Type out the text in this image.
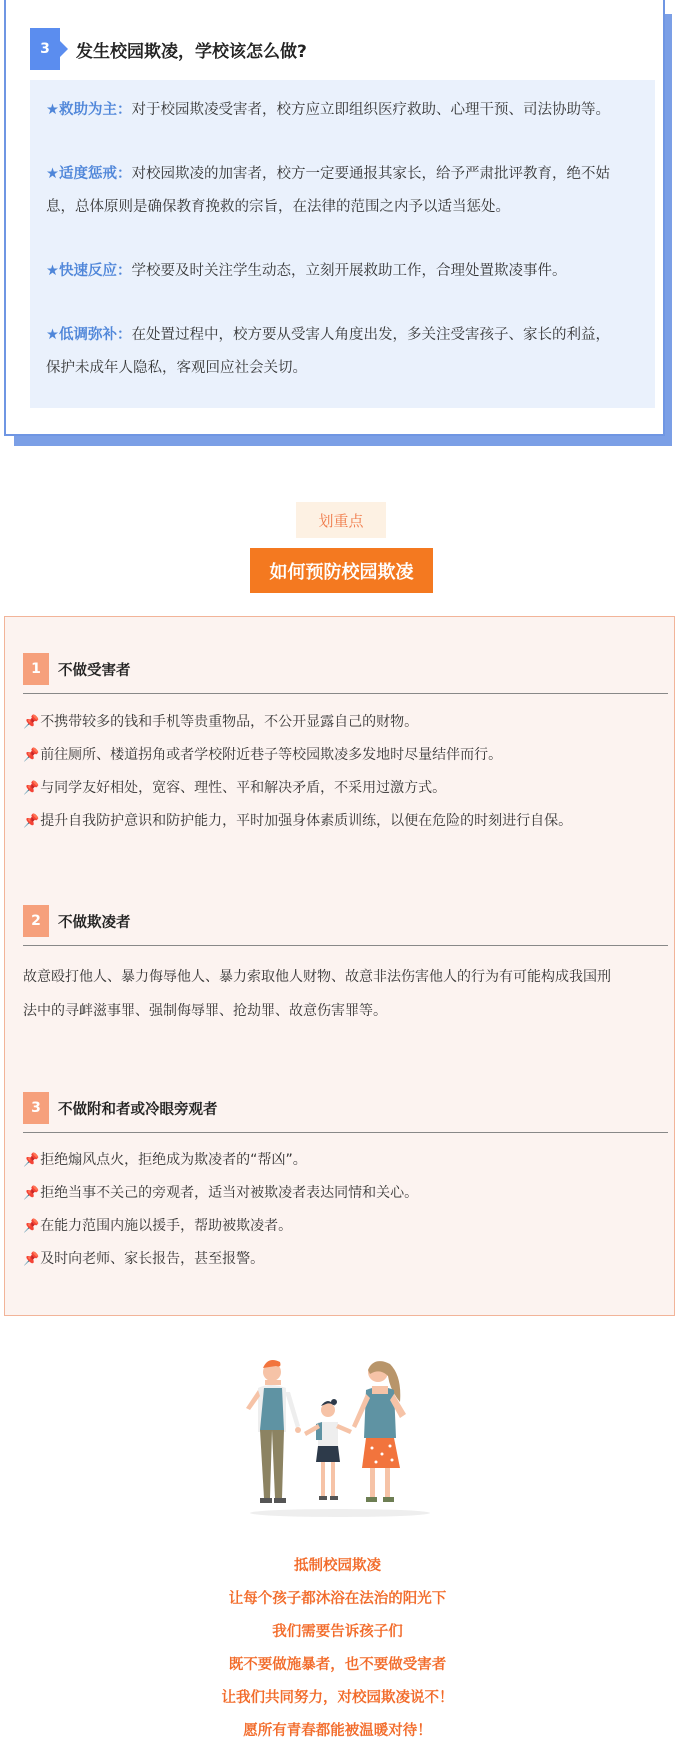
3	发生校园欺凌，学校该怎么做?
★救助为主：对于校园欺凌受害者，校方应立即组织医疗救助、心理干预、司法协助等。
★适度惩戒：对校园欺凌的加害者，校方一定要通报其家长，给予严肃批评教育，绝不姑
息，总体原则是确保教育挽救的宗旨，在法律的范围之内予以适当惩处。
★快速反应：学校要及时关注学生动态，立刻开展救助工作，合理处置欺凌事件。
★低调弥补：在处置过程中，校方要从受害人角度出发，多关注受害孩子、家长的利益，
保护未成年人隐私，客观回应社会关切。
划重点
如何预防校园欺凌
1	不做受害者
📌不携带较多的钱和手机等贵重物品，不公开显露自己的财物。
📌前往厕所、楼道拐角或者学校附近巷子等校园欺凌多发地时尽量结伴而行。
📌与同学友好相处，宽容、理性、平和解决矛盾，不采用过激方式。
📌提升自我防护意识和防护能力，平时加强身体素质训练，以便在危险的时刻进行自保。
2	不做欺凌者
故意殴打他人、暴力侮辱他人、暴力索取他人财物、故意非法伤害他人的行为有可能构成我国刑
法中的寻衅滋事罪、强制侮辱罪、抢劫罪、故意伤害罪等。
3	不做附和者或冷眼旁观者
📌拒绝煽风点火，拒绝成为欺凌者的“帮凶”。
📌拒绝当事不关己的旁观者，适当对被欺凌者表达同情和关心。
📌在能力范围内施以援手，帮助被欺凌者。
📌及时向老师、家长报告，甚至报警。
抵制校园欺凌
让每个孩子都沐浴在法治的阳光下
我们需要告诉孩子们
既不要做施暴者，也不要做受害者
让我们共同努力，对校园欺凌说不！
愿所有青春都能被温暖对待！
